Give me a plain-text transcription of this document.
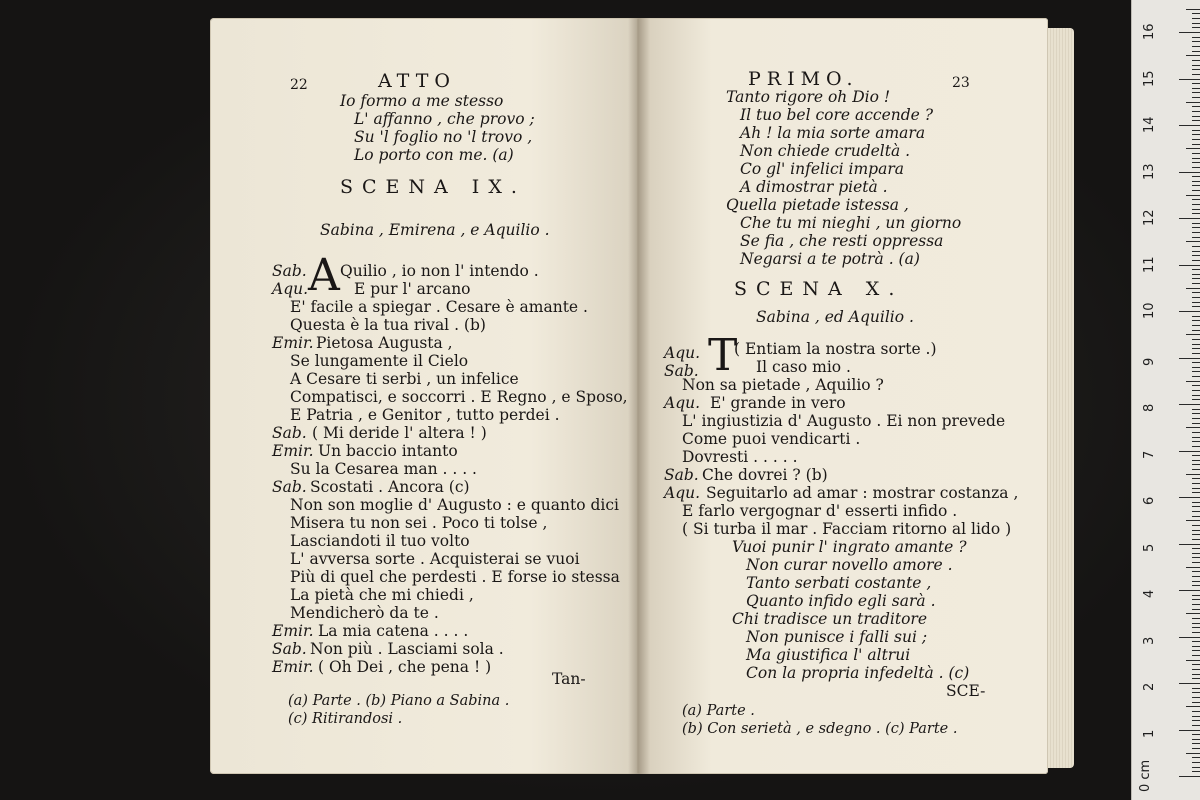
22	ATTO
Io formo a me stesso
L' affanno , che provo ;
Su 'l foglio no 'l trovo ,
Lo porto con me. (a)
SCENA IX.
Sabina , Emirena , e Aquilio .
A
Sab. Quilio , io non l' intendo .
Aqu.	E pur l' arcano
E' facile a spiegar . Cesare è amante .
Questa è la tua rival . (b)
Emir. Pietosa Augusta ,
Se lungamente il Cielo
A Cesare ti serbi , un infelice
Compatisci, e soccorri . E Regno , e Sposo,
E Patria , e Genitor , tutto perdei .
Sab. ( Mi deride l' altera ! )
Emir. Un baccio intanto
Su la Cesarea man . . . .
Sab. Scostati . Ancora (c)
Non son moglie d' Augusto : e quanto dici
Misera tu non sei . Poco ti tolse ,
Lasciandoti il tuo volto
L' avversa sorte . Acquisterai se vuoi
Più di quel che perdesti . E forse io stessa
La pietà che mi chiedi ,
Mendicherò da te .
Emir. La mia catena . . . .
Sab. Non più . Lasciami sola .
Emir. ( Oh Dei , che pena ! )
Tan-
(a) Parte . (b) Piano a Sabina .
(c) Ritirandosi .
PRIMO.	23
Tanto rigore oh Dio !
Il tuo bel core accende ?
Ah ! la mia sorte amara
Non chiede crudeltà .
Co gl' infelici impara
A dimostrar pietà .
Quella pietade istessa ,
Che tu mi nieghi , un giorno
Se fia , che resti oppressa
Negarsi a te potrà . (a)
SCENA X.
Sabina , ed Aquilio .
T
Aqu. ( Entiam la nostra sorte .)
Sab.	Il caso mio .
Non sa pietade , Aquilio ?
Aqu. E' grande in vero
L' ingiustizia d' Augusto . Ei non prevede
Come puoi vendicarti .
Dovresti . . . . .
Sab. Che dovrei ? (b)
Aqu. Seguitarlo ad amar : mostrar costanza ,
E farlo vergognar d' esserti infido .
( Si turba il mar . Facciam ritorno al lido )
Vuoi punir l' ingrato amante ?
Non curar novello amore .
Tanto serbati costante ,
Quanto infido egli sarà .
Chi tradisce un traditore
Non punisce i falli sui ;
Ma giustifica l' altrui
Con la propria infedeltà . (c)
SCE-
(a) Parte .
(b) Con serietà , e sdegno . (c) Parte .
0 cm
1
2
3
4
5
6
7
8
9
10
11
12
13
14
15
16
